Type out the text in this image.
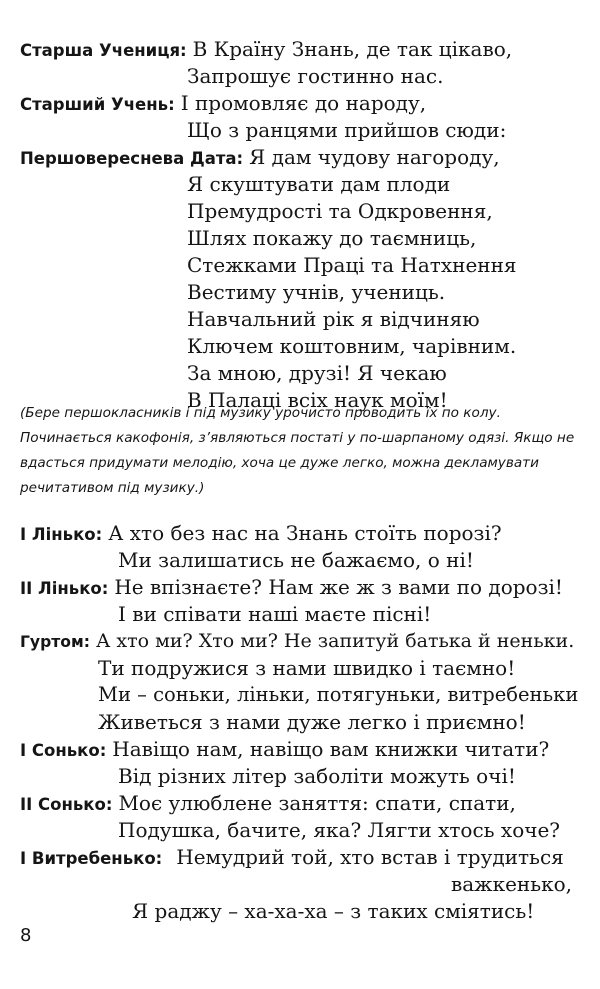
Старша Учениця: В Країну Знань, де так цікаво,
Запрошує гостинно нас.
Старший Учень: І промовляє до народу,
Що з ранцями прийшов сюди:
Першовереснева Дата: Я дам чудову нагороду,
Я скуштувати дам плоди
Премудрості та Одкровення,
Шлях покажу до таємниць,
Стежками Праці та Натхнення
Вестиму учнів, учениць.
Навчальний рік я відчиняю
Ключем коштовним, чарівним.
За мною, друзі! Я чекаю
В Палаці всіх наук моїм!
(Бере першокласників і під музику урочисто проводить їх по колу. Починається какофонія, з’являються постаті у по-шарпаному одязі. Якщо не вдасться придумати мелодію, хоча це дуже легко, можна декламувати речитативом під музику.)
І Лінько: А хто без нас на Знань стоїть порозі?
Ми залишатись не бажаємо, о ні!
ІІ Лінько: Не впізнаєте? Нам же ж з вами по дорозі!
І ви співати наші маєте пісні!
Гуртом: А хто ми? Хто ми? Не запитуй батька й неньки.
Ти подружися з нами швидко і таємно!
Ми – соньки, ліньки, потягуньки, витребеньки
Живеться з нами дуже легко і приємно!
І Сонько: Навіщо нам, навіщо вам книжки читати?
Від різних літер заболіти можуть очі!
ІІ Сонько: Моє улюблене заняття: спати, спати,
Подушка, бачите, яка? Лягти хтось хоче?
І Витребенько: Немудрий той, хто встав і трудиться
важкенько,
Я раджу – ха-ха-ха – з таких сміятись!
8
